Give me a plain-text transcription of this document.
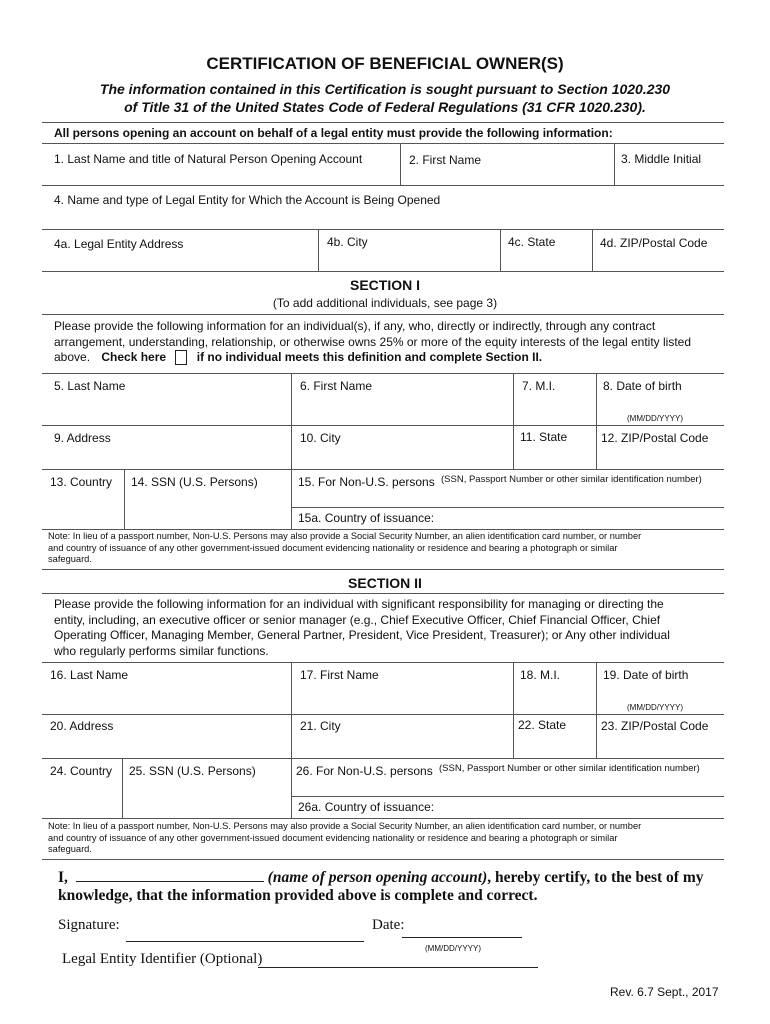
CERTIFICATION OF BENEFICIAL OWNER(S)
The information contained in this Certification is sought pursuant to Section 1020.230
of Title 31 of the United States Code of Federal Regulations (31 CFR 1020.230).
All persons opening an account on behalf of a legal entity must provide the following information:
1. Last Name and title of Natural Person Opening Account	2. First Name	3. Middle Initial
4. Name and type of Legal Entity for Which the Account is Being Opened
4a. Legal Entity Address	4b. City	4c. State	4d. ZIP/Postal Code
SECTION I
(To add additional individuals, see page 3)
Please provide the following information for an individual(s), if any, who, directly or indirectly, through any contract
arrangement, understanding, relationship, or otherwise owns 25% or more of the equity interests of the legal entity listed
above. Check here	if no individual meets this definition and complete Section II.
5. Last Name	6. First Name	7. M.I.	8. Date of birth
(MM/DD/YYYY)
9. Address	10. City	11. State	12. ZIP/Postal Code
13. Country 14. SSN (U.S. Persons)	15. For Non-U.S. persons (SSN, Passport Number or other similar identification number)
15a. Country of issuance:
Note: In lieu of a passport number, Non-U.S. Persons may also provide a Social Security Number, an alien identification card number, or number
and country of issuance of any other government-issued document evidencing nationality or residence and bearing a photograph or similar
safeguard.
SECTION II
Please provide the following information for an individual with significant responsibility for managing or directing the
entity, including, an executive officer or senior manager (e.g., Chief Executive Officer, Chief Financial Officer, Chief
Operating Officer, Managing Member, General Partner, President, Vice President, Treasurer); or Any other individual
who regularly performs similar functions.
16. Last Name	17. First Name	18. M.I.	19. Date of birth
(MM/DD/YYYY)
20. Address	21. City	22. State	23. ZIP/Postal Code
24. Country 25. SSN (U.S. Persons)	26. For Non-U.S. persons (SSN, Passport Number or other similar identification number)
26a. Country of issuance:
Note: In lieu of a passport number, Non-U.S. Persons may also provide a Social Security Number, an alien identification card number, or number
and country of issuance of any other government-issued document evidencing nationality or residence and bearing a photograph or similar
safeguard.
I,	(name of person opening account), hereby certify, to the best of my
knowledge, that the information provided above is complete and correct.
Signature:	Date:
(MM/DD/YYYY)
Legal Entity Identifier (Optional)
Rev. 6.7 Sept., 2017
